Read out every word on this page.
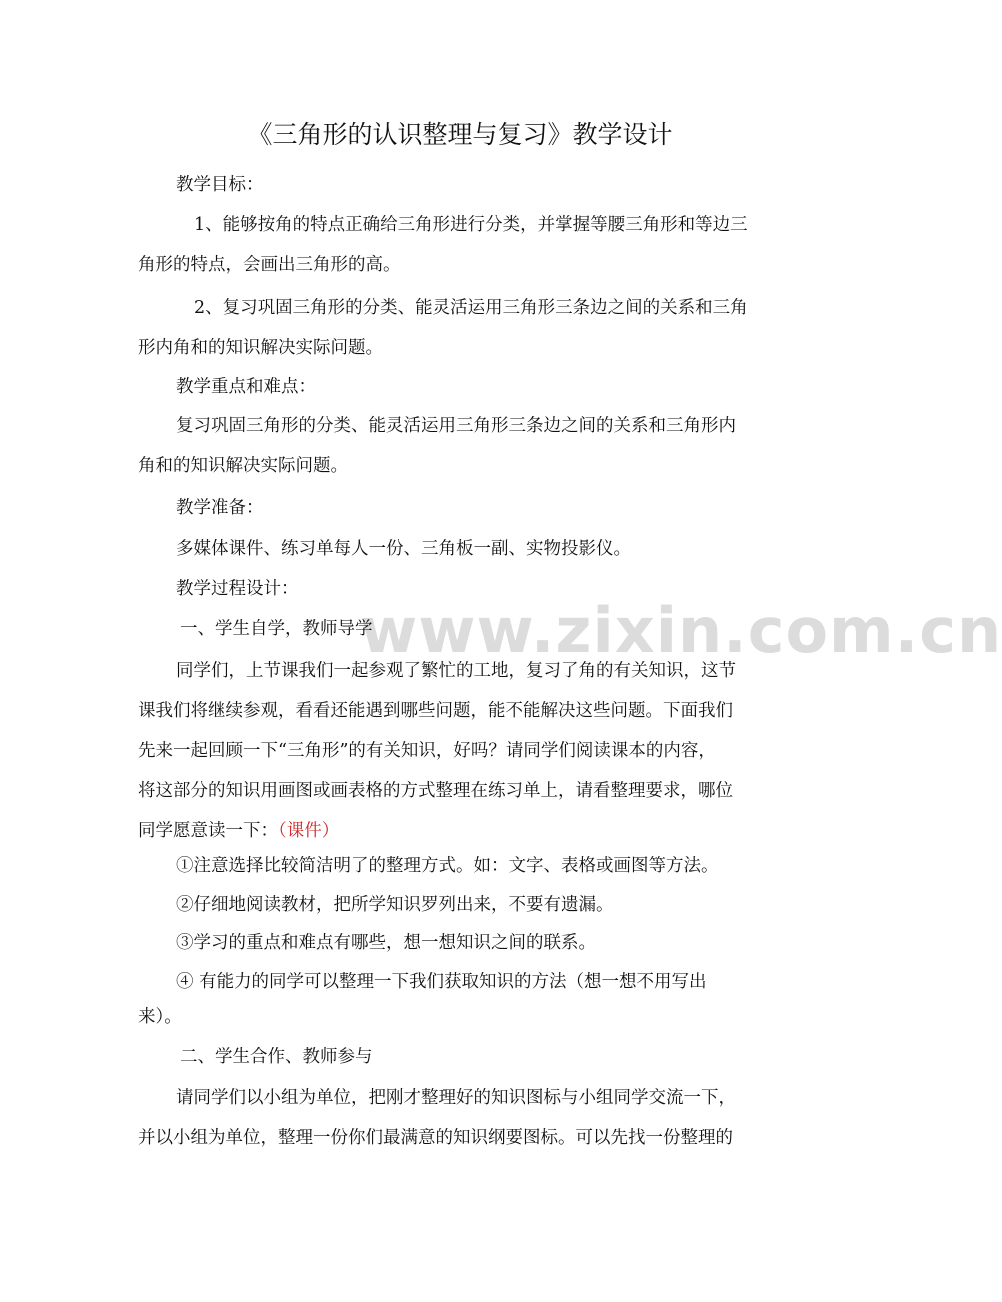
www.zixin.com.cn
《三角形的认识整理与复习》教学设计
教学目标：
1、能够按角的特点正确给三角形进行分类，并掌握等腰三角形和等边三
角形的特点，会画出三角形的高。
2、复习巩固三角形的分类、能灵活运用三角形三条边之间的关系和三角
形内角和的知识解决实际问题。
教学重点和难点：
复习巩固三角形的分类、能灵活运用三角形三条边之间的关系和三角形内
角和的知识解决实际问题。
教学准备：
多媒体课件、练习单每人一份、三角板一副、实物投影仪。
教学过程设计：
一、学生自学，教师导学
同学们，上节课我们一起参观了繁忙的工地，复习了角的有关知识，这节
课我们将继续参观，看看还能遇到哪些问题，能不能解决这些问题。下面我们
先来一起回顾一下“三角形”的有关知识，好吗？请同学们阅读课本的内容，
将这部分的知识用画图或画表格的方式整理在练习单上，请看整理要求，哪位
同学愿意读一下：（课件）
①注意选择比较简洁明了的整理方式。如：文字、表格或画图等方法。
②仔细地阅读教材，把所学知识罗列出来，不要有遗漏。
③学习的重点和难点有哪些，想一想知识之间的联系。
④ 有能力的同学可以整理一下我们获取知识的方法（想一想不用写出
来）。
二、学生合作、教师参与
请同学们以小组为单位，把刚才整理好的知识图标与小组同学交流一下，
并以小组为单位，整理一份你们最满意的知识纲要图标。可以先找一份整理的
